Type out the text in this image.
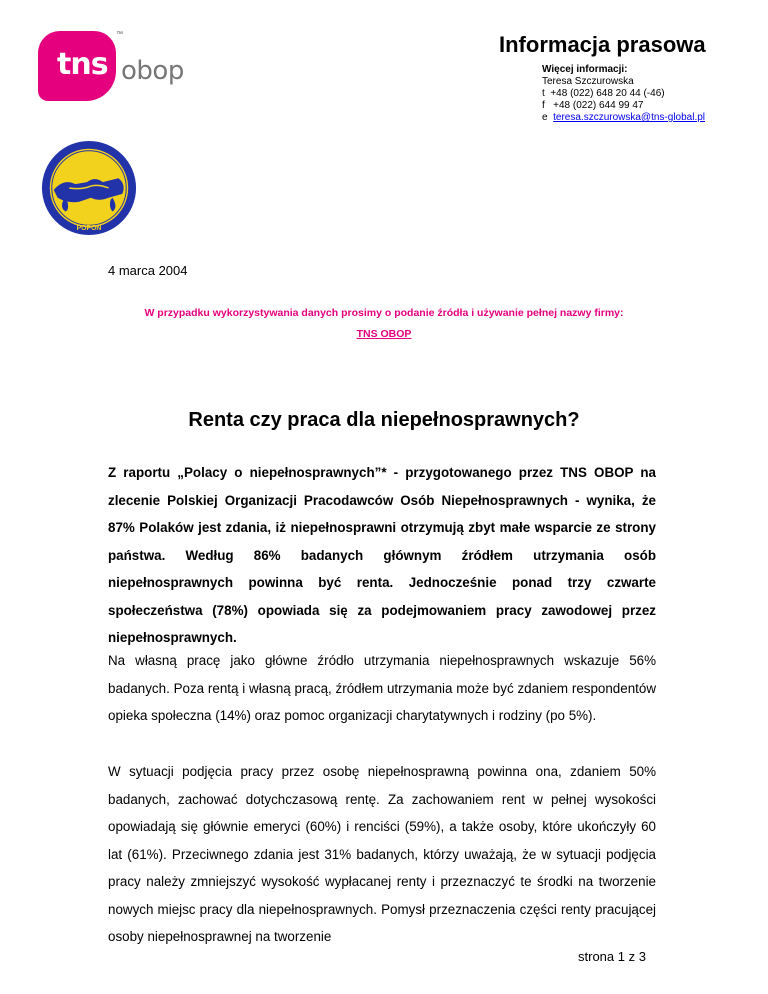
tns
™
obop
Informacja prasowa
Więcej informacji:
Teresa Szczurowska
t +48 (022) 648 20 44 (-46)
f +48 (022) 644 99 47
e teresa.szczurowska@tns-global.pl
POPON
4 marca 2004
W przypadku wykorzystywania danych prosimy o podanie źródła i używanie pełnej nazwy firmy:
TNS OBOP
Renta czy praca dla niepełnosprawnych?
Z raportu „Polacy o niepełnosprawnych”* - przygotowanego przez TNS OBOP na zlecenie Polskiej Organizacji Pracodawców Osób Niepełnosprawnych - wynika, że 87% Polaków jest zdania, iż niepełnosprawni otrzymują zbyt małe wsparcie ze strony państwa. Według 86% badanych głównym źródłem utrzymania osób niepełnosprawnych powinna być renta. Jednocześnie ponad trzy czwarte społeczeństwa (78%) opowiada się za podejmowaniem pracy zawodowej przez niepełnosprawnych.
Na własną pracę jako główne źródło utrzymania niepełnosprawnych wskazuje 56% badanych. Poza rentą i własną pracą, źródłem utrzymania może być zdaniem respondentów opieka społeczna (14%) oraz pomoc organizacji charytatywnych i rodziny (po 5%).
W sytuacji podjęcia pracy przez osobę niepełnosprawną powinna ona, zdaniem 50% badanych, zachować dotychczasową rentę. Za zachowaniem rent w pełnej wysokości opowiadają się głównie emeryci (60%) i renciści (59%), a także osoby, które ukończyły 60 lat (61%). Przeciwnego zdania jest 31% badanych, którzy uważają, że w sytuacji podjęcia pracy należy zmniejszyć wysokość wypłacanej renty i przeznaczyć te środki na tworzenie nowych miejsc pracy dla niepełnosprawnych. Pomysł przeznaczenia części renty pracującej osoby niepełnosprawnej na tworzenie
strona 1 z 3
